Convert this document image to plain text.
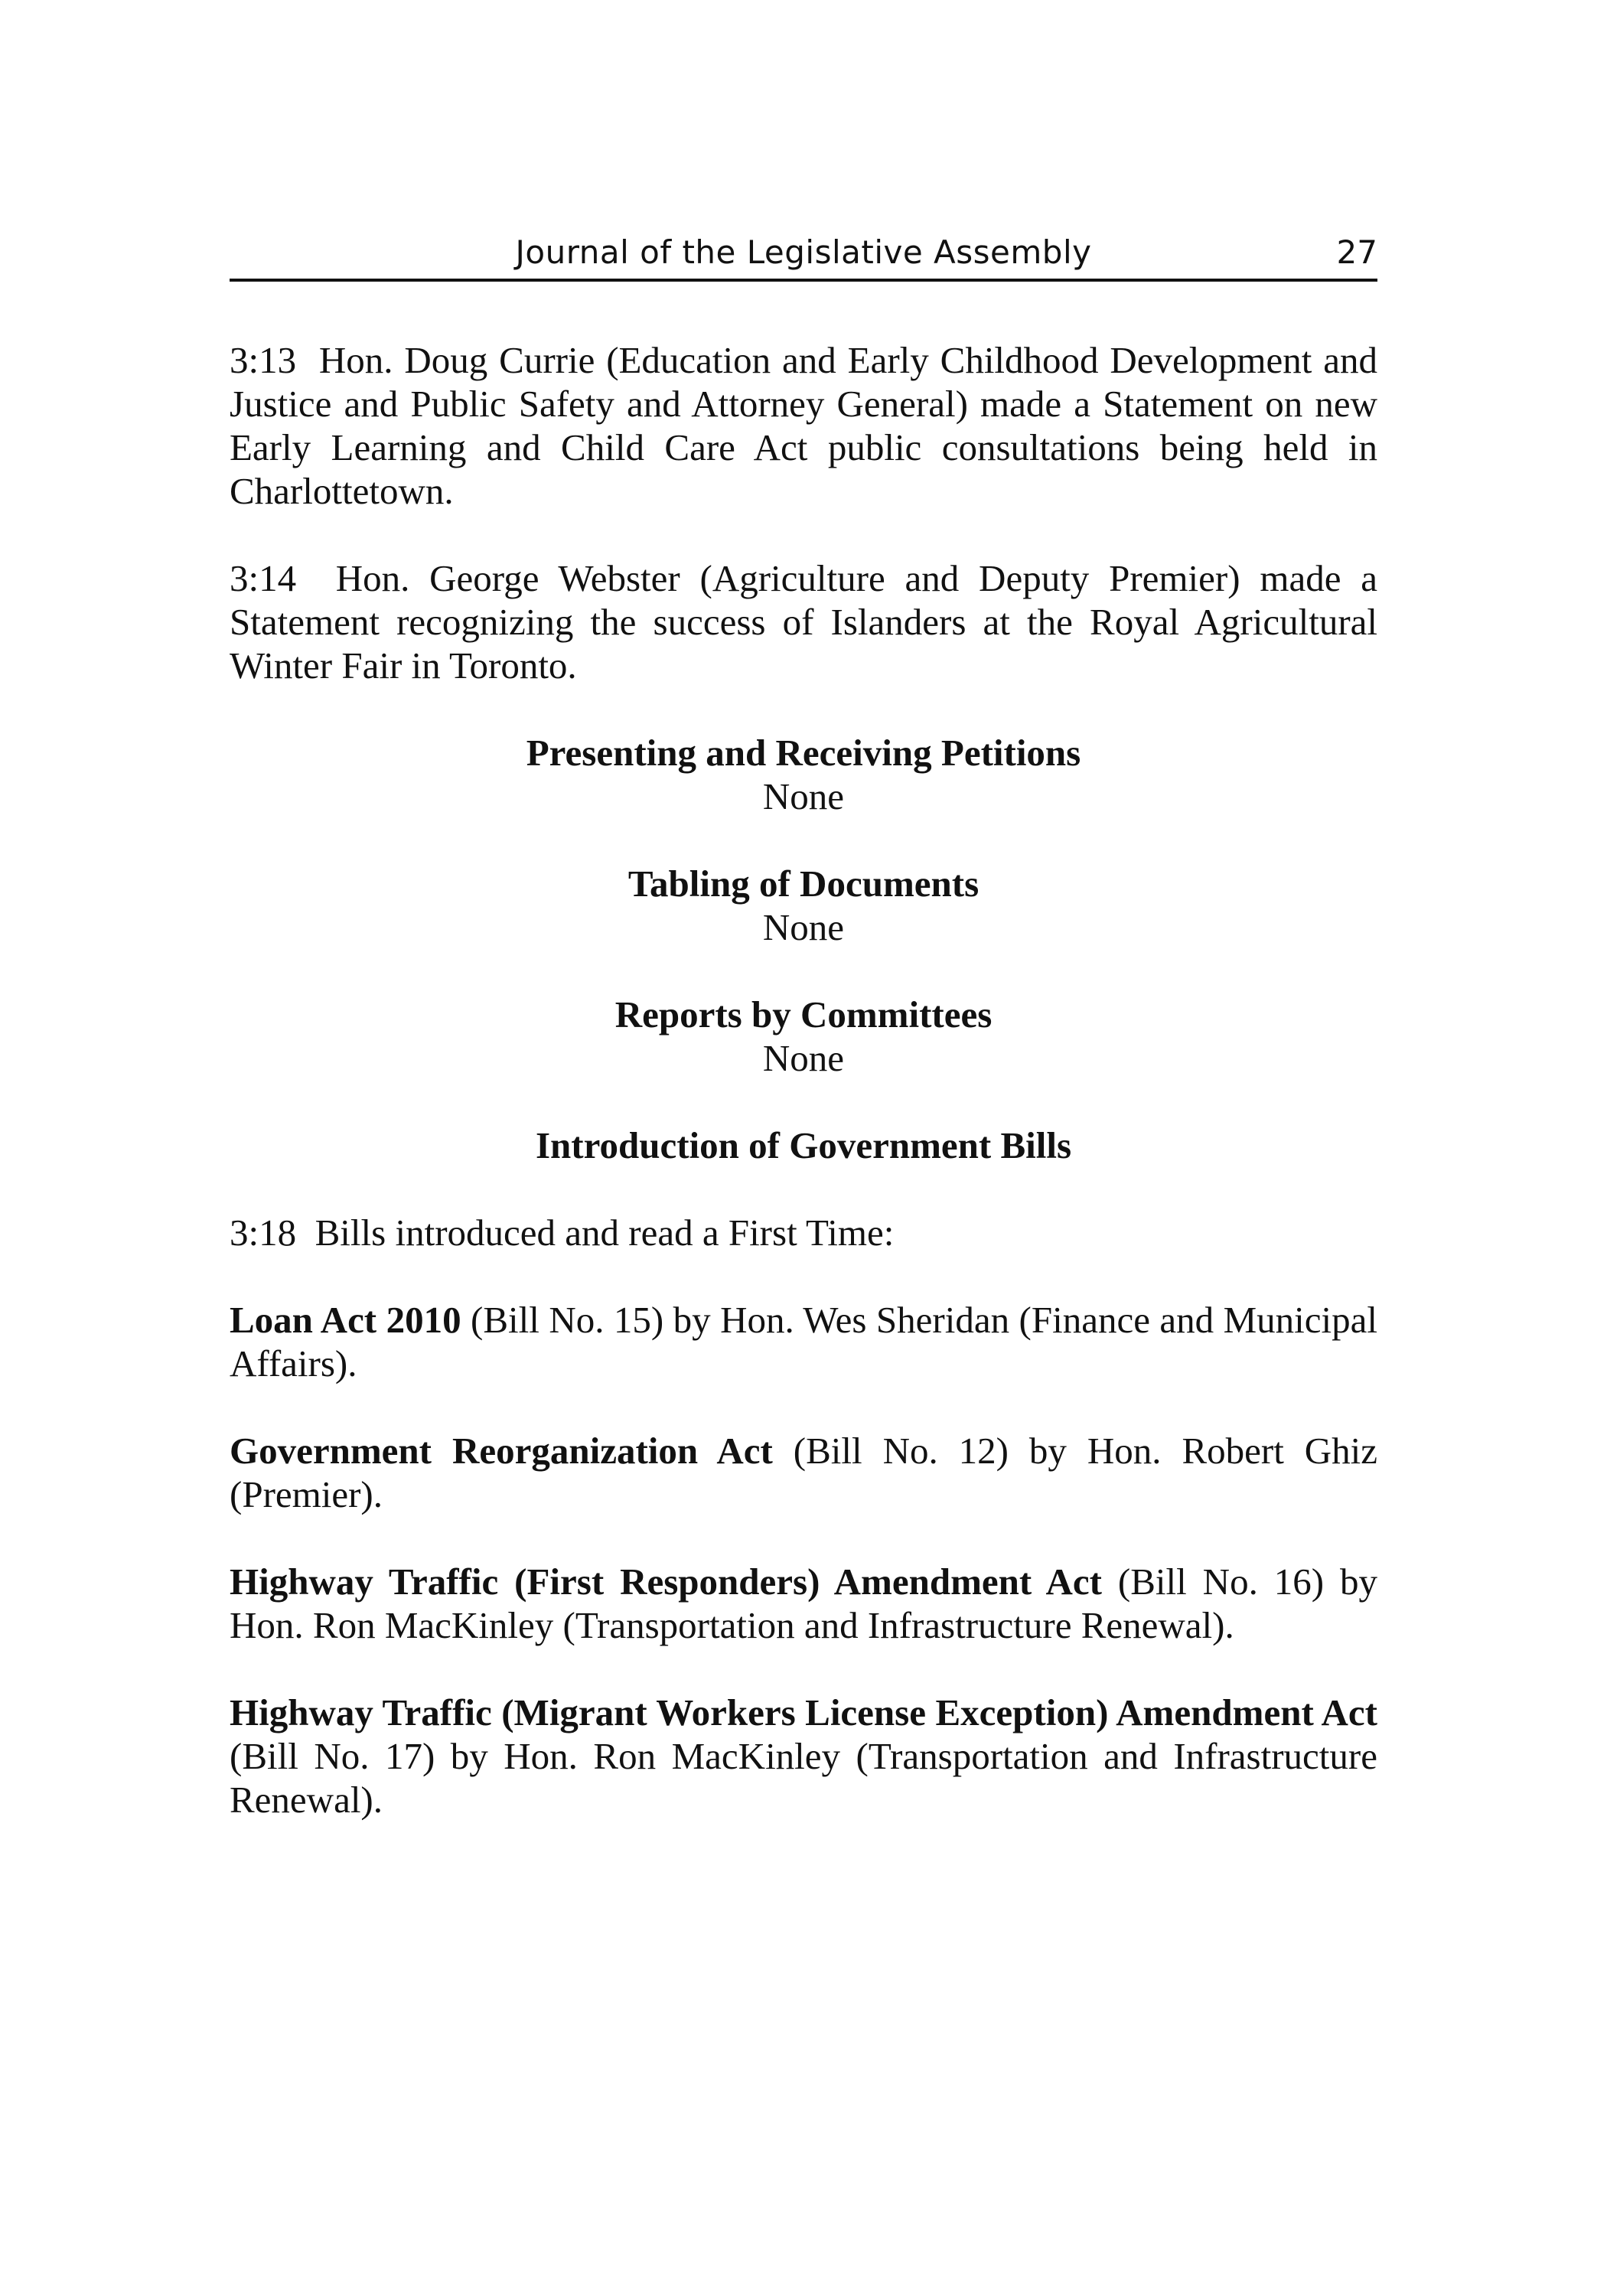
Journal of the Legislative Assembly	27

3:13 Hon. Doug Currie (Education and Early Childhood Development and Justice and Public Safety and Attorney General) made a Statement on new Early Learning and Child Care Act public consultations being held in Charlottetown.

3:14 Hon. George Webster (Agriculture and Deputy Premier) made a Statement recognizing the success of Islanders at the Royal Agricultural Winter Fair in Toronto.

Presenting and Receiving Petitions
None
Tabling of Documents
None
Reports by Committees
None
Introduction of Government Bills

3:18 Bills introduced and read a First Time:

Loan Act 2010 (Bill No. 15) by Hon. Wes Sheridan (Finance and Municipal Affairs).

Government Reorganization Act (Bill No. 12) by Hon. Robert Ghiz (Premier).

Highway Traffic (First Responders) Amendment Act (Bill No. 16) by Hon. Ron MacKinley (Transportation and Infrastructure Renewal).

Highway Traffic (Migrant Workers License Exception) Amendment Act (Bill No. 17) by Hon. Ron MacKinley (Transportation and Infrastructure Renewal).
